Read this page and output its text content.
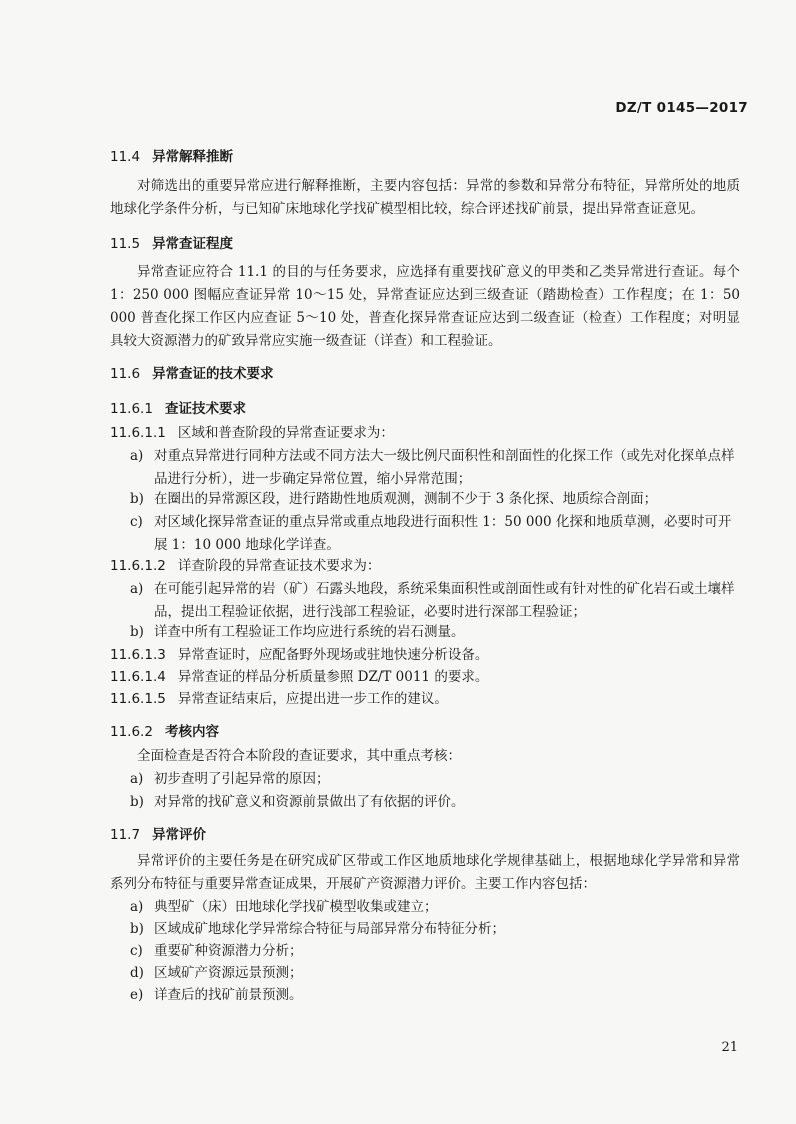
DZ/T 0145—2017
11.4 异常解释推断
对筛选出的重要异常应进行解释推断，主要内容包括：异常的参数和异常分布特征，异常所处的地质地球化学条件分析，与已知矿床地球化学找矿模型相比较，综合评述找矿前景，提出异常查证意见。
11.5 异常查证程度
异常查证应符合 11.1 的目的与任务要求，应选择有重要找矿意义的甲类和乙类异常进行查证。每个 1：250 000 图幅应查证异常 10～15 处，异常查证应达到三级查证（踏勘检查）工作程度；在 1：50 000 普查化探工作区内应查证 5～10 处，普查化探异常查证应达到二级查证（检查）工作程度；对明显具较大资源潜力的矿致异常应实施一级查证（详查）和工程验证。
11.6 异常查证的技术要求
11.6.1 查证技术要求
11.6.1.1 区域和普查阶段的异常查证要求为：
a) 对重点异常进行同种方法或不同方法大一级比例尺面积性和剖面性的化探工作（或先对化探单点样品进行分析），进一步确定异常位置，缩小异常范围；
b) 在圈出的异常源区段，进行踏勘性地质观测，测制不少于 3 条化探、地质综合剖面；
c) 对区域化探异常查证的重点异常或重点地段进行面积性 1：50 000 化探和地质草测，必要时可开展 1：10 000 地球化学详查。
11.6.1.2 详查阶段的异常查证技术要求为：
a) 在可能引起异常的岩（矿）石露头地段，系统采集面积性或剖面性或有针对性的矿化岩石或土壤样品，提出工程验证依据，进行浅部工程验证，必要时进行深部工程验证；
b) 详查中所有工程验证工作均应进行系统的岩石测量。
11.6.1.3 异常查证时，应配备野外现场或驻地快速分析设备。
11.6.1.4 异常查证的样品分析质量参照 DZ/T 0011 的要求。
11.6.1.5 异常查证结束后，应提出进一步工作的建议。
11.6.2 考核内容
全面检查是否符合本阶段的查证要求，其中重点考核：
a) 初步查明了引起异常的原因；
b) 对异常的找矿意义和资源前景做出了有依据的评价。
11.7 异常评价
异常评价的主要任务是在研究成矿区带或工作区地质地球化学规律基础上，根据地球化学异常和异常系列分布特征与重要异常查证成果，开展矿产资源潜力评价。主要工作内容包括：
a) 典型矿（床）田地球化学找矿模型收集或建立；
b) 区域成矿地球化学异常综合特征与局部异常分布特征分析；
c) 重要矿种资源潜力分析；
d) 区域矿产资源远景预测；
e) 详查后的找矿前景预测。
21
